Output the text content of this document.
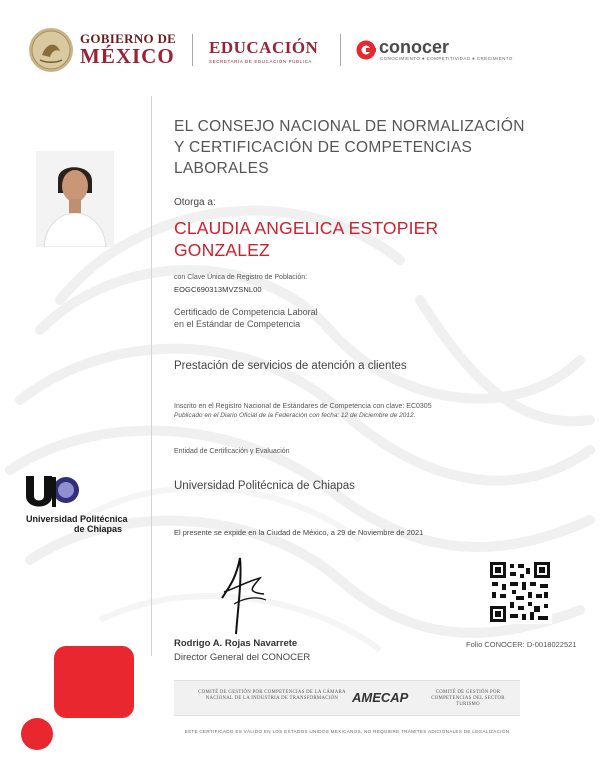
GOBIERNO DE
MÉXICO EDUCACIÓN
SECRETARÍA DE EDUCACIÓN PÚBLICA
conocer
CONOCIMIENTO ● COMPETITIVIDAD ● CRECIMIENTO
EL CONSEJO NACIONAL DE NORMALIZACIÓN Y CERTIFICACIÓN DE COMPETENCIAS LABORALES
Otorga a:
CLAUDIA ANGELICA ESTOPIER GONZALEZ
con Clave Única de Registro de Población:
EOGC690313MVZSNL00
Certificado de Competencia Laboral
en el Estándar de Competencia
Prestación de servicios de atención a clientes
Inscrito en el Registro Nacional de Estándares de Competencia con clave: EC0305
Publicado en el Diario Oficial de la Federación con fecha: 12 de Diciembre de 2012.
Entidad de Certificación y Evaluación
Universidad Politécnica de Chiapas
El presente se expide en la Ciudad de México, a 29 de Noviembre de 2021
Universidad Politécnica
de Chiapas
Rodrigo A. Rojas Navarrete
Director General del CONOCER
Folio CONOCER: D-0018022521
COMITÉ DE GESTIÓN POR COMPETENCIAS DE LA CÁMARA NACIONAL DE LA INDUSTRIA DE TRANSFORMACIÓN	AMECAP	COMITÉ DE GESTIÓN POR COMPETENCIAS DEL SECTOR TURISMO
ESTE CERTIFICADO ES VÁLIDO EN LOS ESTADOS UNIDOS MEXICANOS, NO REQUIERE TRÁMITES ADICIONALES DE LEGALIZACIÓN
